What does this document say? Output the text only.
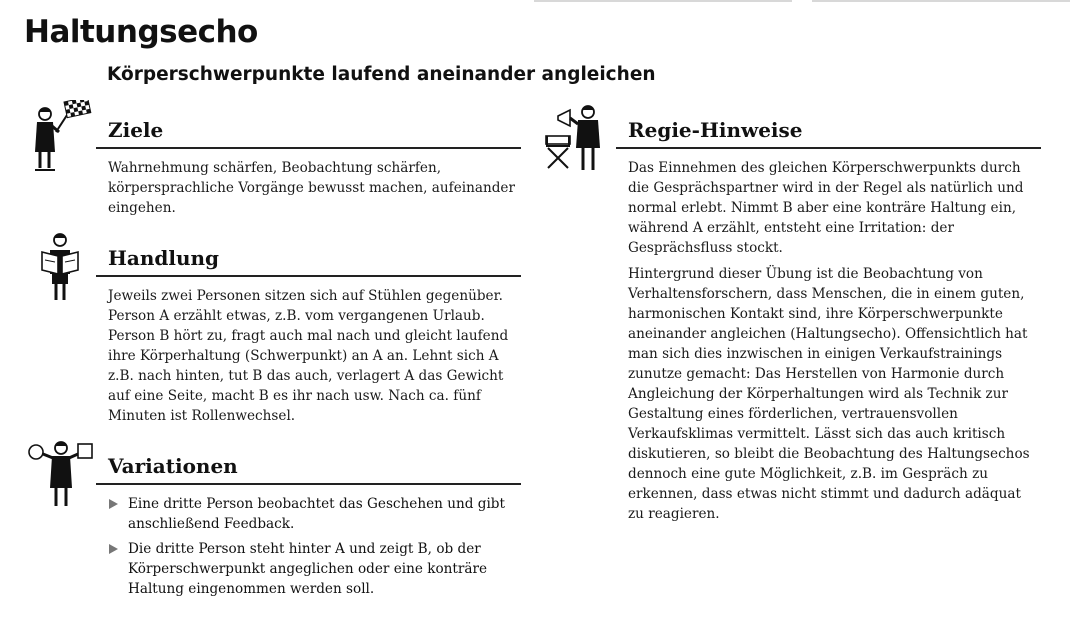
Haltungsecho
Körperschwerpunkte laufend aneinander angleichen
Ziele

Wahrnehmung schärfen, Beobachtung schärfen, körpersprachliche Vorgänge bewusst machen, aufeinander eingehen.

Handlung

Jeweils zwei Personen sitzen sich auf Stühlen gegenüber. Person A erzählt etwas, z.B. vom vergangenen Urlaub. Person B hört zu, fragt auch mal nach und gleicht laufend ihre Körperhaltung (Schwerpunkt) an A an. Lehnt sich A z.B. nach hinten, tut B das auch, verlagert A das Gewicht auf eine Seite, macht B es ihr nach usw. Nach ca. fünf Minuten ist Rollenwechsel.

Variationen
Eine dritte Person beobachtet das Geschehen und gibt anschließend Feedback.
Die dritte Person steht hinter A und zeigt B, ob der Körperschwerpunkt angeglichen oder eine konträre Haltung eingenommen werden soll.
Regie-Hinweise

Das Einnehmen des gleichen Körperschwerpunkts durch die Gesprächspartner wird in der Regel als natürlich und normal erlebt. Nimmt B aber eine konträre Haltung ein, während A erzählt, entsteht eine Irritation: der Gesprächsfluss stockt.

Hintergrund dieser Übung ist die Beobachtung von Verhaltensforschern, dass Menschen, die in einem guten, harmonischen Kontakt sind, ihre Körperschwerpunkte aneinander angleichen (Haltungsecho). Offensichtlich hat man sich dies inzwischen in einigen Verkaufstrainings zunutze gemacht: Das Herstellen von Harmonie durch Angleichung der Körperhaltungen wird als Technik zur Gestaltung eines förderlichen, vertrauensvollen Verkaufsklimas vermittelt. Lässt sich das auch kritisch diskutieren, so bleibt die Beobachtung des Haltungsechos dennoch eine gute Möglichkeit, z.B. im Gespräch zu erkennen, dass etwas nicht stimmt und dadurch adäquat zu reagieren.
